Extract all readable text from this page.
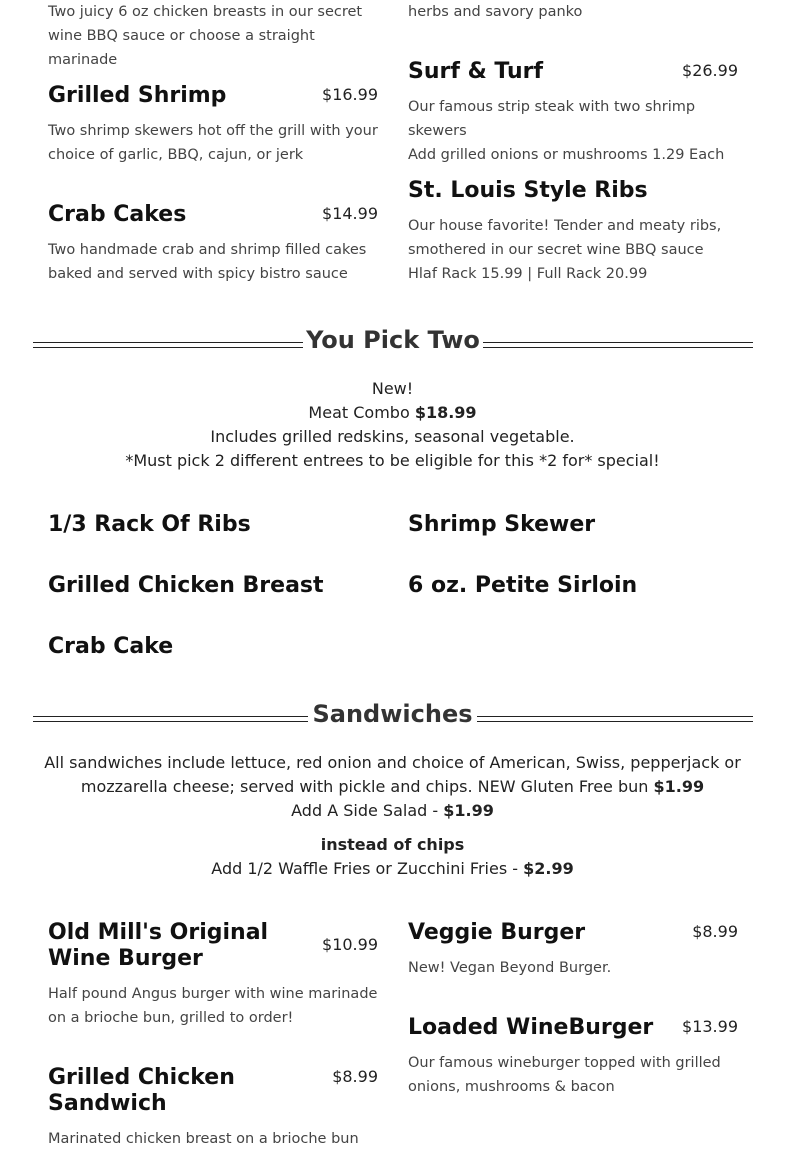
Two juicy 6 oz chicken breasts in our secret wine BBQ sauce or choose a straight marinade
herbs and savory panko
Grilled Shrimp	$16.99
Two shrimp skewers hot off the grill with your choice of garlic, BBQ, cajun, or jerk
Crab Cakes	$14.99
Two handmade crab and shrimp filled cakes baked and served with spicy bistro sauce
Surf & Turf	$26.99
Our famous strip steak with two shrimp skewers
Add grilled onions or mushrooms 1.29 Each
St. Louis Style Ribs
Our house favorite! Tender and meaty ribs, smothered in our secret wine BBQ sauce
Hlaf Rack 15.99 | Full Rack 20.99
You Pick Two
New!
Meat Combo $18.99
Includes grilled redskins, seasonal vegetable.
*Must pick 2 different entrees to be eligible for this *2 for* special!
1/3 Rack Of Ribs	Shrimp Skewer
Grilled Chicken Breast	6 oz. Petite Sirloin
Crab Cake
Sandwiches
All sandwiches include lettuce, red onion and choice of American, Swiss, pepperjack or mozzarella cheese; served with pickle and chips. NEW Gluten Free bun $1.99
Add A Side Salad - $1.99
instead of chips
Add 1/2 Waffle Fries or Zucchini Fries - $2.99
Old Mill's Original Wine Burger
$10.99
Half pound Angus burger with wine marinade on a brioche bun, grilled to order!
Grilled Chicken Sandwich
$8.99
Marinated chicken breast on a brioche bun
Veggie Burger	$8.99
New! Vegan Beyond Burger.
Loaded WineBurger	$13.99
Our famous wineburger topped with grilled onions, mushrooms & bacon
